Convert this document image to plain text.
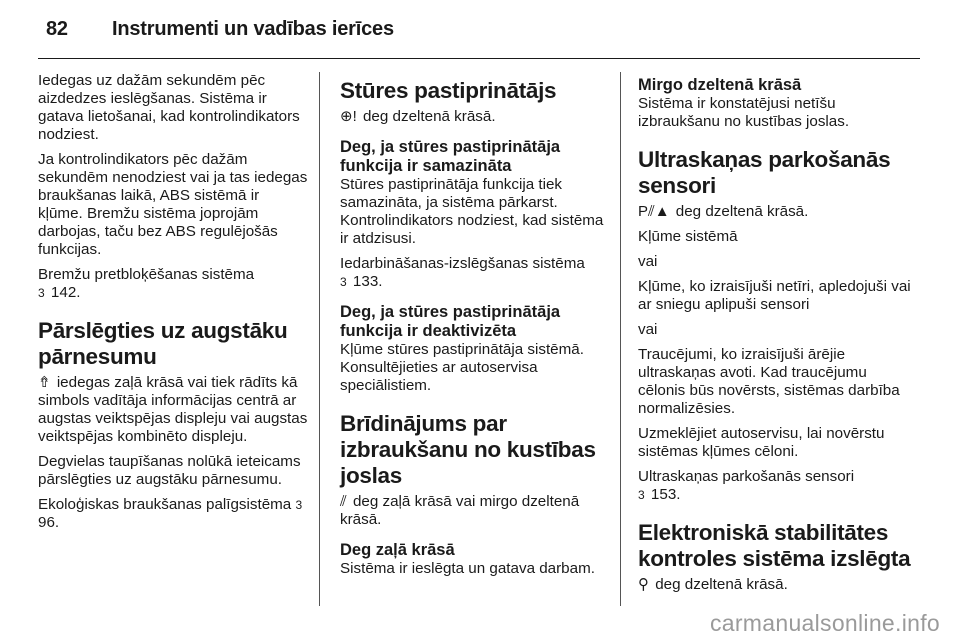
82 Instrumenti un vadības ierīces

Iedegas uz dažām sekundēm pēc aizdedzes ieslēgšanas. Sistēma ir gatava lietošanai, kad kontrolindikators nodziest.

Ja kontrolindikators pēc dažām sekundēm nenodziest vai ja tas iedegas braukšanas laikā, ABS sistēmā ir kļūme. Bremžu sistēma joprojām darbojas, taču bez ABS regulējošās funkcijas.

Bremžu pretbloķēšanas sistēma
3 142.

Pārslēgties uz augstāku pārnesumu

⇮ iedegas zaļā krāsā vai tiek rādīts kā simbols vadītāja informācijas centrā ar augstas veiktspējas displeju vai augstas veiktspējas kombinēto displeju.

Degvielas taupīšanas nolūkā ieteicams pārslēgties uz augstāku pārnesumu.

Ekoloģiskas braukšanas palīgsistēma 3 96.

Stūres pastiprinātājs

⊕! deg dzeltenā krāsā.

Deg, ja stūres pastiprinātāja funkcija ir samazināta

Stūres pastiprinātāja funkcija tiek samazināta, ja sistēma pārkarst. Kontrolindikators nodziest, kad sistēma ir atdzisusi.

Iedarbināšanas-izslēgšanas sistēma
3 133.

Deg, ja stūres pastiprinātāja funkcija ir deaktivizēta

Kļūme stūres pastiprinātāja sistēmā. Konsultējieties ar autoservisa speciālistiem.

Brīdinājums par izbraukšanu no kustības joslas

⫽ deg zaļā krāsā vai mirgo dzeltenā krāsā.

Deg zaļā krāsā

Sistēma ir ieslēgta un gatava darbam.

Mirgo dzeltenā krāsā

Sistēma ir konstatējusi netīšu izbraukšanu no kustības joslas.

Ultraskaņas parkošanās sensori

P⫽▲ deg dzeltenā krāsā.

Kļūme sistēmā

vai

Kļūme, ko izraisījuši netīri, apledojuši vai ar sniegu aplipuši sensori

vai

Traucējumi, ko izraisījuši ārējie ultraskaņas avoti. Kad traucējumu cēlonis būs novērsts, sistēmas darbība normalizēsies.

Uzmeklējiet autoservisu, lai novērstu sistēmas kļūmes cēloni.

Ultraskaņas parkošanās sensori
3 153.

Elektroniskā stabilitātes kontroles sistēma izslēgta

⚲ deg dzeltenā krāsā.

carmanualsonline.info
